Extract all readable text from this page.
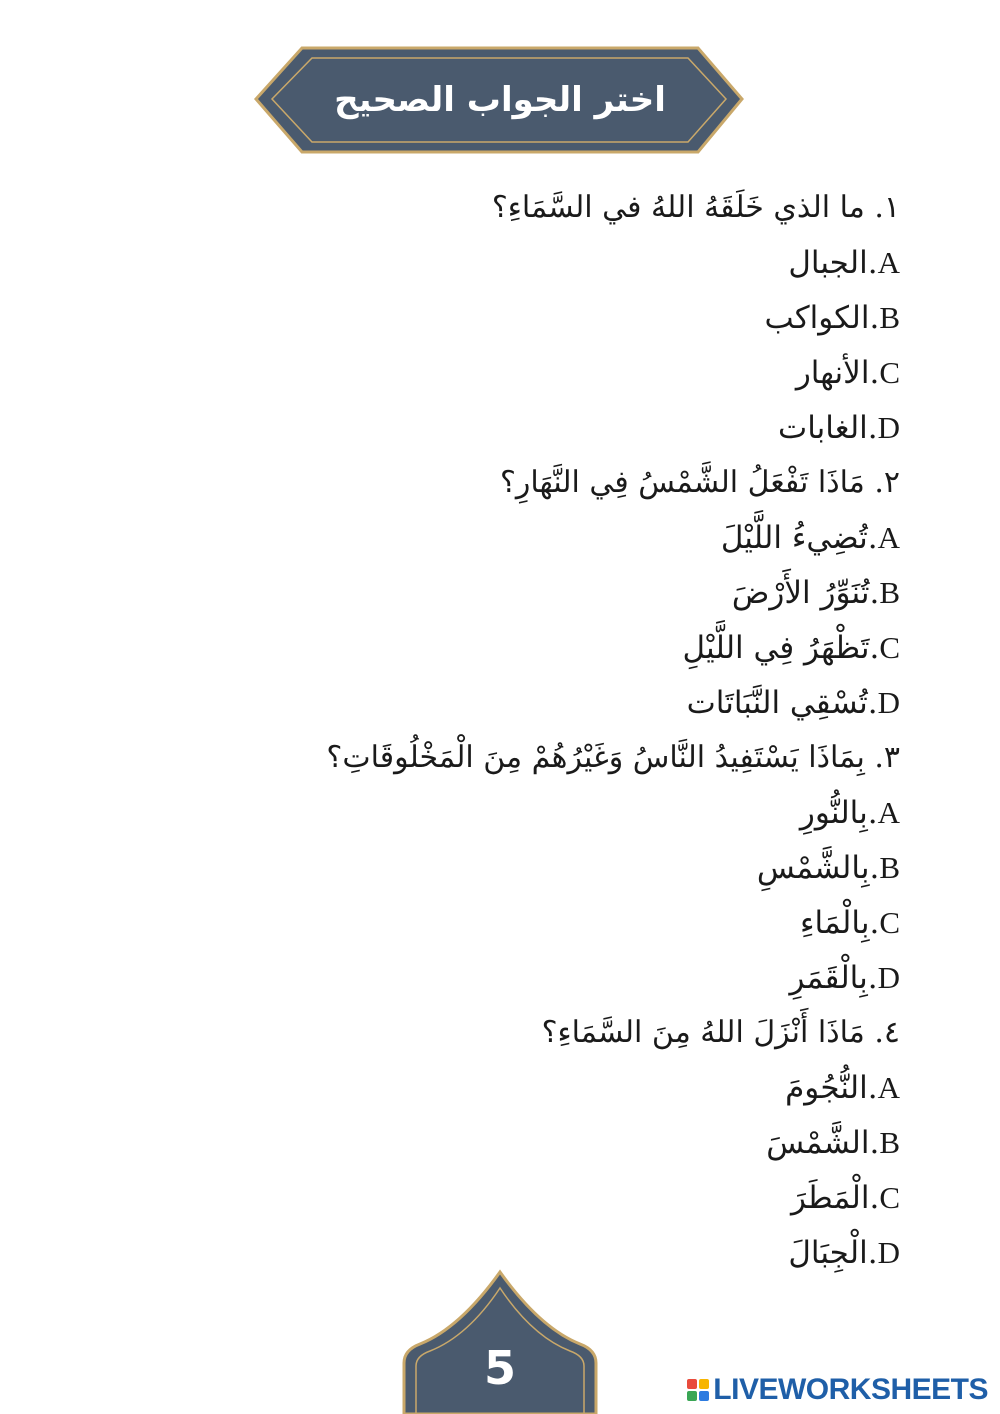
اختر الجواب الصحيح
١. ما الذي خَلَقَهُ اللهُ في السَّمَاءِ؟
A.الجبال
B.الكواكب
C.الأنهار
D.الغابات
٢. مَاذَا تَفْعَلُ الشَّمْسُ فِي النَّهَارِ؟
A.تُضِيءُ اللَّيْلَ
B.تُنَوِّرُ الأَرْضَ
C.تَظْهَرُ فِي اللَّيْلِ
D.تُسْقِي النَّبَاتَات
٣. بِمَاذَا يَسْتَفِيدُ النَّاسُ وَغَيْرُهُمْ مِنَ الْمَخْلُوقَاتِ؟
A.بِالنُّورِ
B.بِالشَّمْسِ
C.بِالْمَاءِ
D.بِالْقَمَرِ
٤. مَاذَا أَنْزَلَ اللهُ مِنَ السَّمَاءِ؟
A.النُّجُومَ
B.الشَّمْسَ
C.الْمَطَرَ
D.الْجِبَالَ
5	LIVEWORKSHEETS
